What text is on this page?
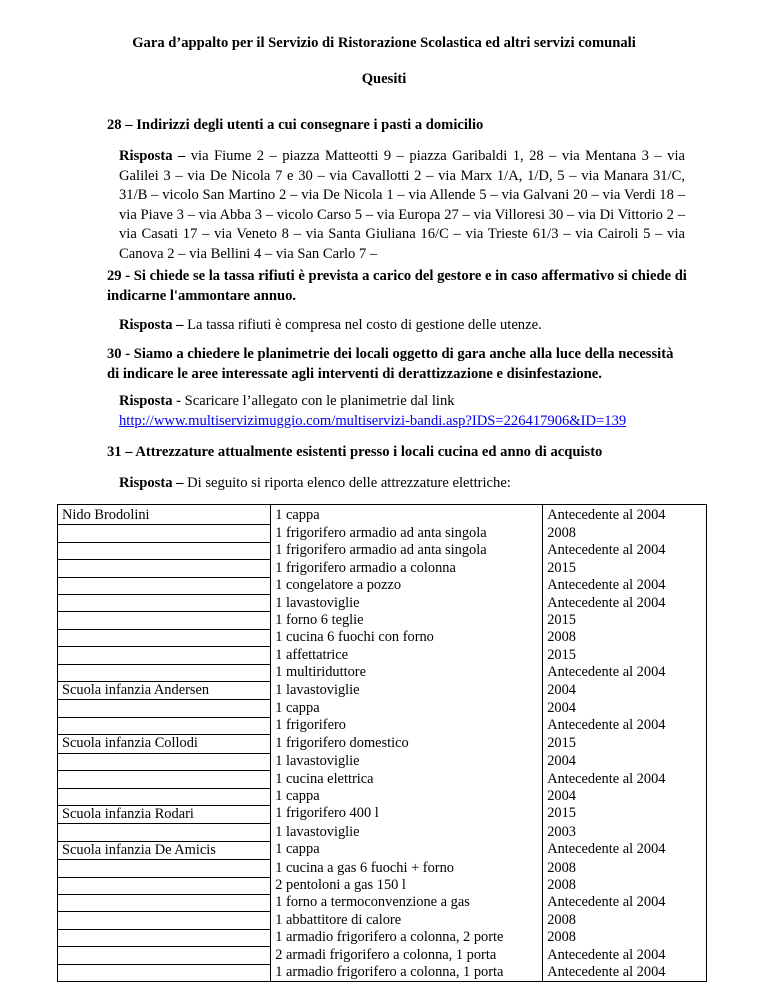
Gara d’appalto per il Servizio di Ristorazione Scolastica ed altri servizi comunali
Quesiti
28 – Indirizzi degli utenti a cui consegnare i pasti a domicilio
Risposta – via Fiume 2 – piazza Matteotti 9 – piazza Garibaldi 1, 28 – via Mentana 3 – via Galilei 3 – via De Nicola 7 e 30 – via Cavallotti 2 – via Marx 1/A, 1/D, 5 – via Manara 31/C, 31/B – vicolo San Martino 2 – via De Nicola 1 – via Allende 5 – via Galvani 20 – via Verdi 18 – via Piave 3 – via Abba 3 – vicolo Carso 5 – via Europa 27 – via Villoresi 30 – via Di Vittorio 2 – via Casati 17 – via Veneto 8 – via Santa Giuliana 16/C – via Trieste 61/3 – via Cairoli 5 – via Canova 2 – via Bellini 4 – via San Carlo 7 –
29 - Si chiede se la tassa rifiuti è prevista a carico del gestore e in caso affermativo si chiede di indicarne l'ammontare annuo.
Risposta – La tassa rifiuti è compresa nel costo di gestione delle utenze.
30 - Siamo a chiedere le planimetrie dei locali oggetto di gara anche alla luce della necessità di indicare le aree interessate agli interventi di derattizzazione e disinfestazione.
Risposta - Scaricare l’allegato con le planimetrie dal link
http://www.multiservizimuggio.com/multiservizi-bandi.asp?IDS=226417906&ID=139
31 – Attrezzature attualmente esistenti presso i locali cucina ed anno di acquisto
Risposta – Di seguito si riporta elenco delle attrezzature elettriche:
Nido Brodolini	1 cappa	Antecedente al 2004
	1 frigorifero armadio ad anta singola	2008
	1 frigorifero armadio ad anta singola	Antecedente al 2004
	1 frigorifero armadio a colonna	2015
	1 congelatore a pozzo	Antecedente al 2004
	1 lavastoviglie	Antecedente al 2004
	1 forno 6 teglie	2015
	1 cucina 6 fuochi con forno	2008
	1 affettatrice	2015
	1 multiriduttore	Antecedente al 2004
Scuola infanzia Andersen	1 lavastoviglie	2004
	1 cappa	2004
	1 frigorifero	Antecedente al 2004
Scuola infanzia Collodi	1 frigorifero domestico	2015
	1 lavastoviglie	2004
	1 cucina elettrica	Antecedente al 2004
	1 cappa	2004
Scuola infanzia Rodari	1 frigorifero 400 l	2015
	1 lavastoviglie	2003
Scuola infanzia De Amicis	1 cappa	Antecedente al 2004
	1 cucina a gas 6 fuochi + forno	2008
	2 pentoloni a gas 150 l	2008
	1 forno a termoconvenzione a gas	Antecedente al 2004
	1 abbattitore di calore	2008
	1 armadio frigorifero a colonna, 2 porte	2008
	2 armadi frigorifero a colonna, 1 porta	Antecedente al 2004
	1 armadio frigorifero a colonna, 1 porta	Antecedente al 2004
